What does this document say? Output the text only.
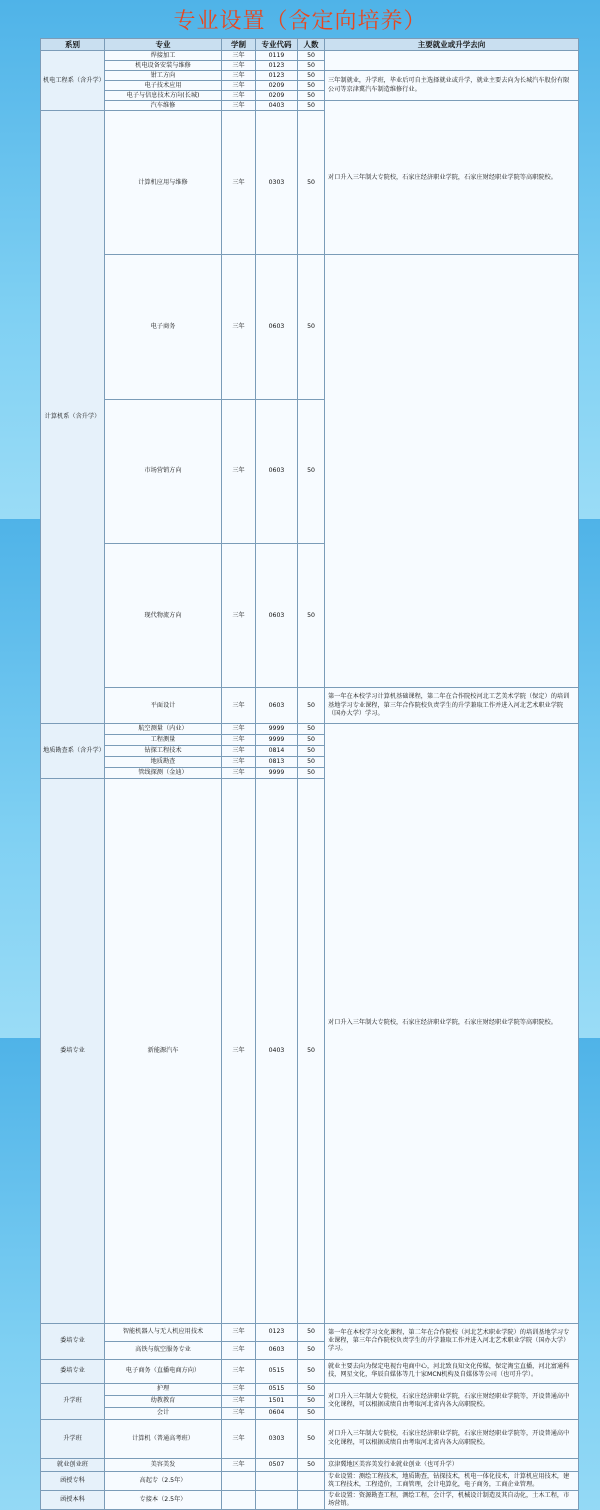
专业设置（含定向培养）
系别	专业	学制	专业代码	人数	主要就业或升学去向	
机电工程系（含升学）	焊接加工	三年	0119	50		
	机电设备安装与维修	三年	0123	50		
	钳工方向	三年	0123	50	三年制就业，升学班，毕业后可自主选择就业或升学，就业主要去向为长城汽车股份有限公司等京津冀汽车制造维修行业。	
	电子技术应用	三年	0209	50		
	电子与信息技术方向(长城)	三年	0209	50		
	汽车维修	三年	0403	50	对口升入三年制大专院校，石家庄经济职业学院，石家庄财经职业学院等高职院校。	
计算机系（含升学）	计算机应用与维修	三年	0303	50	
	电子商务	三年	0603	50		
	市场营销方向	三年	0603	50		
	现代物流方向	三年	0603	50		
	平面设计	三年	0603	50	第一年在本校学习计算机基础课程，第二年在合作院校河北工艺美术学院（保定）的培训基地学习专业课程，第三年合作院校负责学生的升学兼取工作并进入河北艺术职业学院（国办大学）学习。	
地质勘查系（含升学）	航空测量（内业）	三年	9999	50	对口升入三年制大专院校，石家庄经济职业学院，石家庄财经职业学院等高职院校。	
	工程测量	三年	9999	50		
	钻探工程技术	三年	0814	50		
	地质勘查	三年	0813	50		
	管线探测（金迪）	三年	9999	50		
委培专业	新能源汽车	三年	0403	50	
委培专业	智能机器人与无人机应用技术	三年	0123	50	第一年在本校学习文化课程，第二年在合作院校（河北艺术职业学院）的培训基地学习专业课程，第三年合作院校负责学生的升学兼取工作并进入河北艺术职业学院（国办大学）学习。	
	高铁与航空服务专业	三年	0603	50		
委培专业	电子商务（直播电商方向）	三年	0515	50	就业主要去向为保定电视台电商中心，河北致良知文化传媒，保定淘宝直播，河北富通科技，网星文化，华辰自媒体等几十家MCN机构及自媒体等公司（也可升学）。	
升学班	护理	三年	0515	50	对口升入三年制大专院校，石家庄经济职业学院，石家庄财经职业学院等，开设普通高中文化课程，可以根据成绩自由考取河北省内各大高职院校。	
	幼教教育	三年	1501	50		
	会计	三年	0604	50		
升学班	计算机（普通高考班）	三年	0303	50	对口升入三年制大专院校，石家庄经济职业学院，石家庄财经职业学院等，开设普通高中文化课程，可以根据成绩自由考取河北省内各大高职院校。	
就业创业班	美容美发	三年	0507	50	京津冀地区美容美发行业就业创业（也可升学）	
函授专科	高起专（2.5年）				专业设置：测绘工程技术，地质勘查，钻探技术，机电一体化技术，计算机应用技术，建筑工程技术，工程造价，工商管理，会计电算化，电子商务，工商企业管理。	
函授本科	专接本（2.5年）				专业设置：资源勘查工程，测绘工程，会计学，机械设计制造及其自动化，土木工程，市场营销。	
